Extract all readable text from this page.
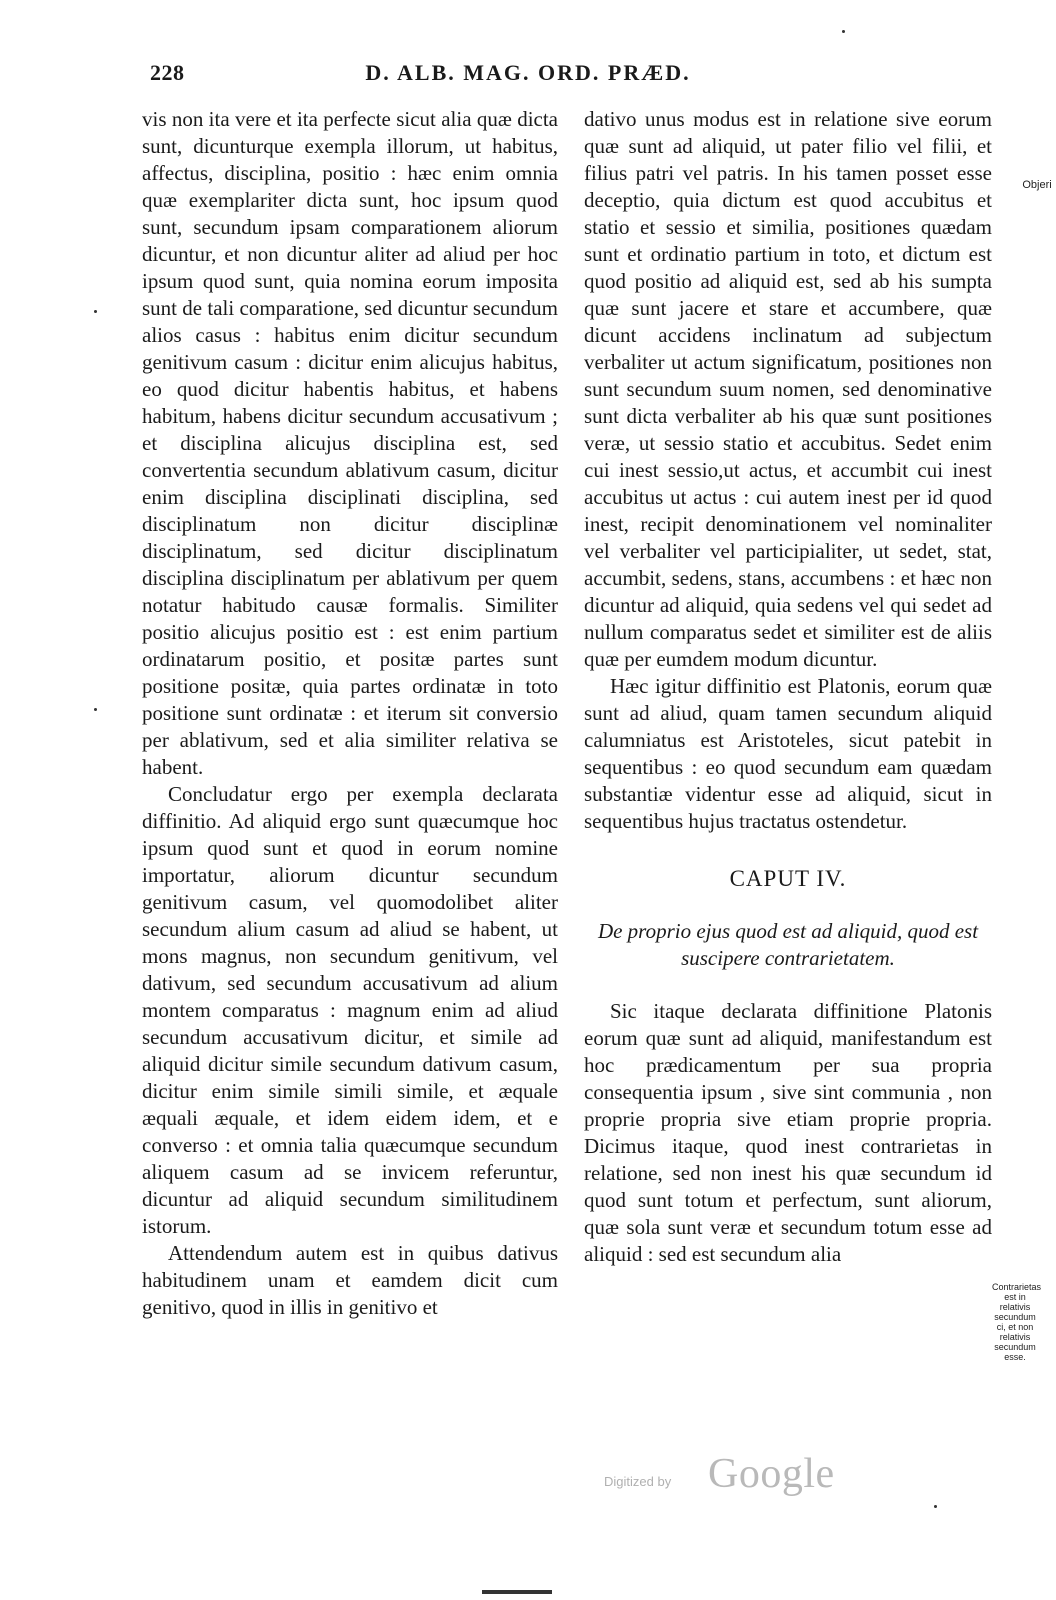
228	D. ALB. MAG. ORD. PRÆD.

vis non ita vere et ita perfecte sicut alia quæ dicta sunt, dicunturque exempla illorum, ut habitus, affectus, disciplina, positio : hæc enim omnia quæ exemplariter dicta sunt, hoc ipsum quod sunt, secundum ipsam comparationem aliorum dicuntur, et non dicuntur aliter ad aliud per hoc ipsum quod sunt, quia nomina eorum imposita sunt de tali comparatione, sed dicuntur secundum alios casus : habitus enim dicitur secundum genitivum casum : dicitur enim alicujus habitus, eo quod dicitur habentis habitus, et habens habitum, habens dicitur secundum accusativum ; et disciplina alicujus disciplina est, sed convertentia secundum ablativum casum, dicitur enim disciplina disciplinati disciplina, sed disciplinatum non dicitur disciplinæ disciplinatum, sed dicitur disciplinatum disciplina disciplinatum per ablativum per quem notatur habitudo causæ formalis. Similiter positio alicujus positio est : est enim partium ordinatarum positio, et positæ partes sunt positione positæ, quia partes ordinatæ in toto positione sunt ordinatæ : et iterum sit conversio per ablativum, sed et alia similiter relativa se habent.

Concludatur ergo per exempla declarata diffinitio. Ad aliquid ergo sunt quæcumque hoc ipsum quod sunt et quod in eorum nomine importatur, aliorum dicuntur secundum genitivum casum, vel quomodolibet aliter secundum alium casum ad aliud se habent, ut mons magnus, non secundum genitivum, vel dativum, sed secundum accusativum ad alium montem comparatus : magnum enim ad aliud secundum accusativum dicitur, et simile ad aliquid dicitur simile secundum dativum casum, dicitur enim simile simili simile, et æquale æquali æquale, et idem eidem idem, et e converso : et omnia talia quæcumque secundum aliquem casum ad se invicem referuntur, dicuntur ad aliquid secundum similitudinem istorum.

Attendendum autem est in quibus dativus habitudinem unam et eamdem dicit cum genitivo, quod in illis in genitivo et

dativo unus modus est in relatione sive eorum quæ sunt ad aliquid, ut pater filio vel filii, et filius patri vel patris. In his tamen posset esse deceptio, quia dictum est quod accubitus et statio et sessio et similia, positiones quædam sunt et ordinatio partium in toto, et dictum est quod positio ad aliquid est, sed ab his sumpta quæ sunt jacere et stare et accumbere, quæ dicunt accidens inclinatum ad subjectum verbaliter ut actum significatum, positiones non sunt secundum suum nomen, sed denominative sunt dicta verbaliter ab his quæ sunt positiones veræ, ut sessio statio et accubitus. Sedet enim cui inest sessio,ut actus, et accumbit cui inest accubitus ut actus : cui autem inest per id quod inest, recipit denominationem vel nominaliter vel verbaliter vel participialiter, ut sedet, stat, accumbit, sedens, stans, accumbens : et hæc non dicuntur ad aliquid, quia sedens vel qui sedet ad nullum comparatus sedet et similiter est de aliis quæ per eumdem modum dicuntur.

Hæc igitur diffinitio est Platonis, eorum quæ sunt ad aliud, quam tamen secundum aliquid calumniatus est Aristoteles, sicut patebit in sequentibus : eo quod secundum eam quædam substantiæ videntur esse ad aliquid, sicut in sequentibus hujus tractatus ostendetur.

CAPUT IV.

De proprio ejus quod est ad aliquid, quod est suscipere contrarietatem.

Sic itaque declarata diffinitione Platonis eorum quæ sunt ad aliquid, manifestandum est hoc prædicamentum per sua propria consequentia ipsum , sive sint communia , non proprie propria sive etiam proprie propria. Dicimus itaque, quod inest contrarietas in relatione, sed non inest his quæ secundum id quod sunt totum et perfectum, sunt aliorum, quæ sola sunt veræ et secundum totum esse ad aliquid : sed est secundum alia

Objeri
Contrarietas est in relativis secundum ci, et non relativis secundum esse.
Digitized by Google
